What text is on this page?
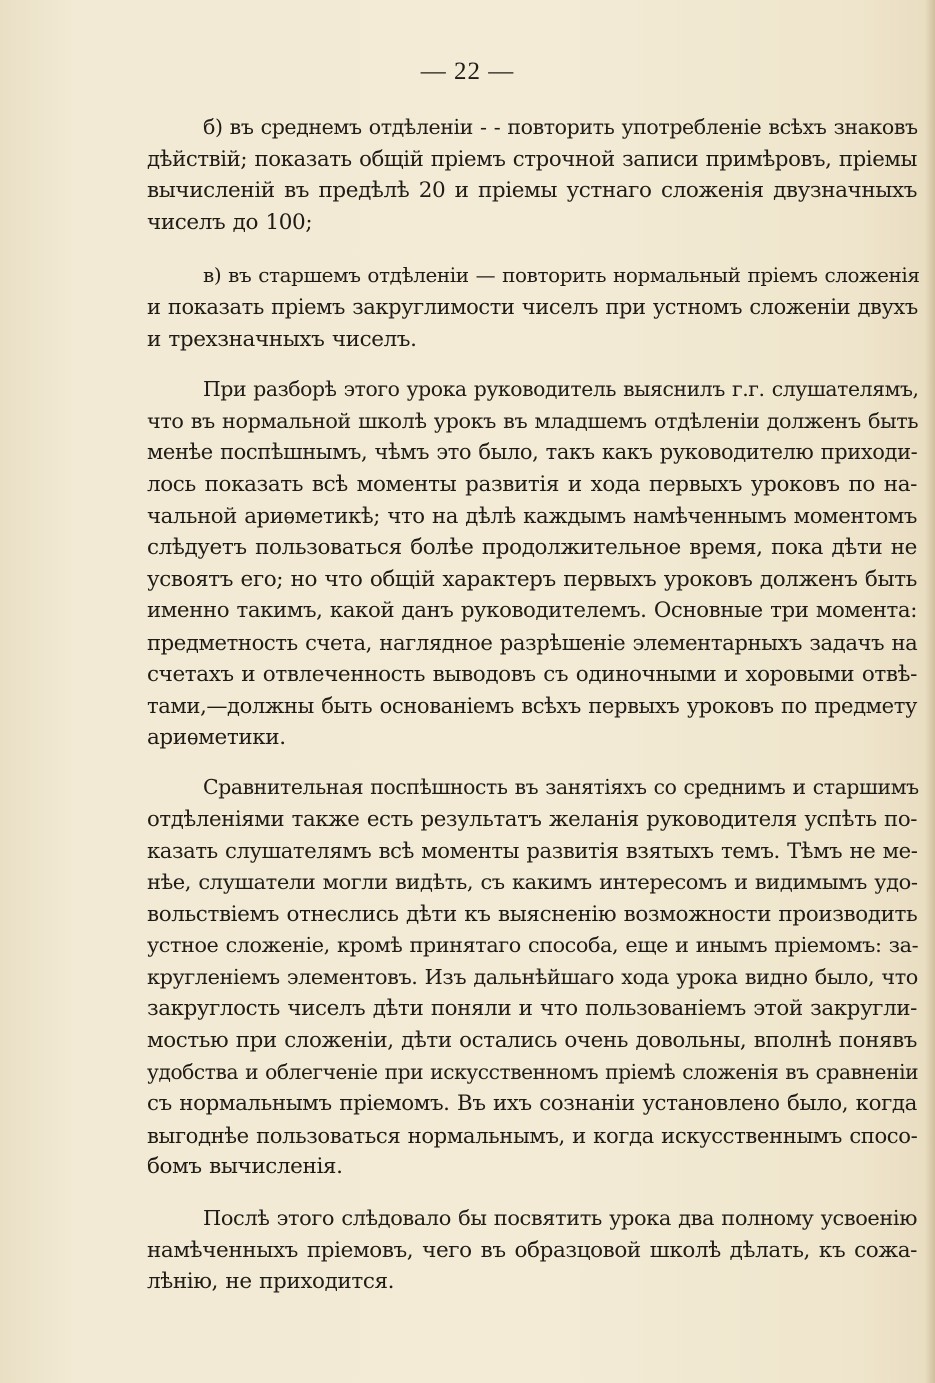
— 22 —
б) въ среднемъ отдѣленіи - - повторить употребленіе всѣхъ знаковъ
дѣйствій; показать общій пріемъ строчной записи примѣровъ, пріемы
вычисленій въ предѣлѣ 20 и пріемы устнаго сложенія двузначныхъ
чиселъ до 100;
в) въ старшемъ отдѣленіи — повторить нормальный пріемъ сложенія
и показать пріемъ закруглимости чиселъ при устномъ сложеніи двухъ
и трехзначныхъ чиселъ.
При разборѣ этого урока руководитель выяснилъ г.г. слушателямъ,
что въ нормальной школѣ урокъ въ младшемъ отдѣленіи долженъ быть
менѣе поспѣшнымъ, чѣмъ это было, такъ какъ руководителю приходи-
лось показать всѣ моменты развитія и хода первыхъ уроковъ по на-
чальной ариѳметикѣ; что на дѣлѣ каждымъ намѣченнымъ моментомъ
слѣдуетъ пользоваться болѣе продолжительное время, пока дѣти не
усвоятъ его; но что общій характеръ первыхъ уроковъ долженъ быть
именно такимъ, какой данъ руководителемъ. Основные три момента:
предметность счета, наглядное разрѣшеніе элементарныхъ задачъ на
счетахъ и отвлеченность выводовъ съ одиночными и хоровыми отвѣ-
тами,—должны быть основаніемъ всѣхъ первыхъ уроковъ по предмету
ариѳметики.
Сравнительная поспѣшность въ занятіяхъ со среднимъ и старшимъ
отдѣленіями также есть результатъ желанія руководителя успѣть по-
казать слушателямъ всѣ моменты развитія взятыхъ темъ. Тѣмъ не ме-
нѣе, слушатели могли видѣть, съ какимъ интересомъ и видимымъ удо-
вольствіемъ отнеслись дѣти къ выясненію возможности производить
устное сложеніе, кромѣ принятаго способа, еще и инымъ пріемомъ: за-
кругленіемъ элементовъ. Изъ дальнѣйшаго хода урока видно было, что
закруглость чиселъ дѣти поняли и что пользованіемъ этой закругли-
мостью при сложеніи, дѣти остались очень довольны, вполнѣ понявъ
удобства и облегченіе при искусственномъ пріемѣ сложенія въ сравненіи
съ нормальнымъ пріемомъ. Въ ихъ сознаніи установлено было, когда
выгоднѣе пользоваться нормальнымъ, и когда искусственнымъ спосо-
бомъ вычисленія.
Послѣ этого слѣдовало бы посвятить урока два полному усвоенію
намѣченныхъ пріемовъ, чего въ образцовой школѣ дѣлать, къ сожа-
лѣнію, не приходится.
